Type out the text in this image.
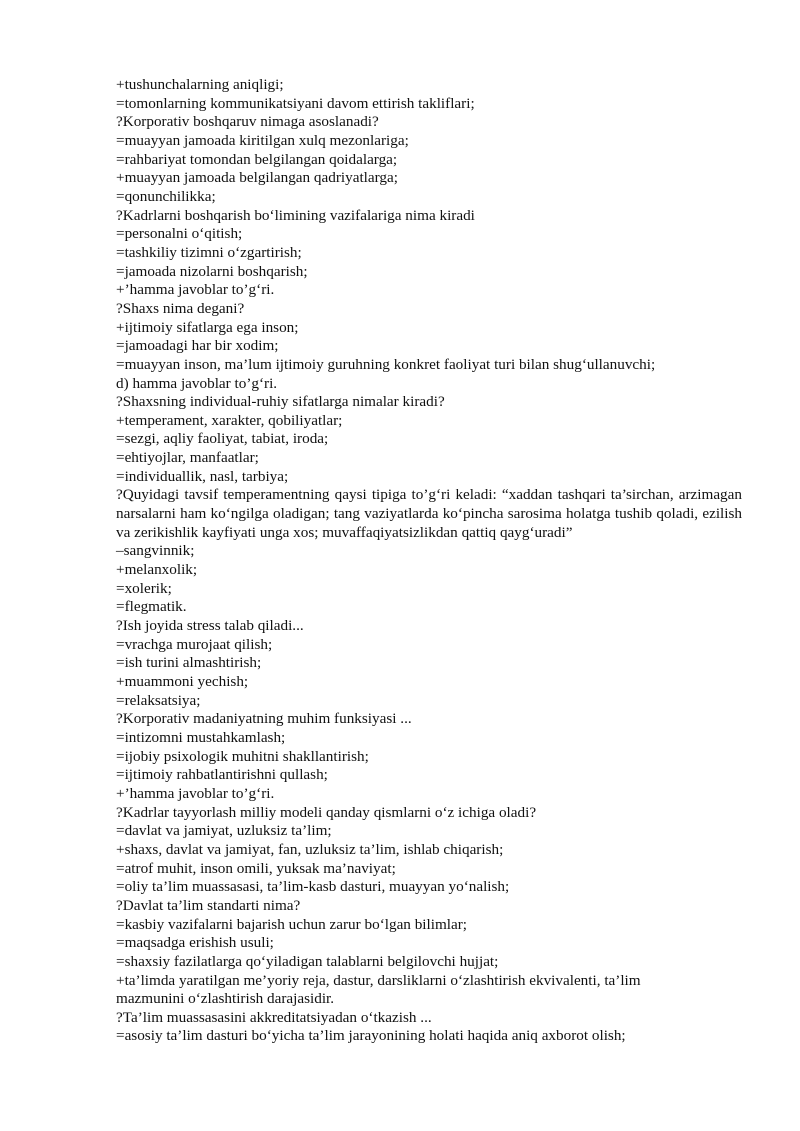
+tushunchalarning aniqligi;
=tomonlarning kommunikatsiyani davom ettirish takliflari;
?Korporativ boshqaruv nimaga asoslanadi?
=muayyan jamoada kiritilgan xulq mezonlariga;
=rahbariyat tomondan belgilangan qoidalarga;
+muayyan jamoada belgilangan qadriyatlarga;
=qonunchilikka;
?Kadrlarni boshqarish bo‘limining vazifalariga nima kiradi
=personalni o‘qitish;
=tashkiliy tizimni o‘zgartirish;
=jamoada nizolarni boshqarish;
+’hamma javoblar to’g‘ri.
?Shaxs nima degani?
+ijtimoiy sifatlarga ega inson;
=jamoadagi har bir xodim;
=muayyan inson, ma’lum ijtimoiy guruhning konkret faoliyat turi bilan shug‘ullanuvchi;
d) hamma javoblar to’g‘ri.
?Shaxsning individual-ruhiy sifatlarga nimalar kiradi?
+temperament, xarakter, qobiliyatlar;
=sezgi, aqliy faoliyat, tabiat, iroda;
=ehtiyojlar, manfaatlar;
=individuallik, nasl, tarbiya;

?Quyidagi tavsif temperamentning qaysi tipiga to’g‘ri keladi: “xaddan tashqari ta’sirchan, arzimagan narsalarni ham ko‘ngilga oladigan; tang vaziyatlarda ko‘pincha sarosima holatga tushib qoladi, ezilish va zerikishlik kayfiyati unga xos; muvaffaqiyatsizlikdan qattiq qayg‘uradi”

–sangvinnik;
+melanxolik;
=xolerik;
=flegmatik.
?Ish joyida stress talab qiladi...
=vrachga murojaat qilish;
=ish turini almashtirish;
+muammoni yechish;
=relaksatsiya;
?Korporativ madaniyatning muhim funksiyasi ...
=intizomni mustahkamlash;
=ijobiy psixologik muhitni shakllantirish;
=ijtimoiy rahbatlantirishni qullash;
+’hamma javoblar to’g‘ri.
?Kadrlar tayyorlash milliy modeli qanday qismlarni o‘z ichiga oladi?
=davlat va jamiyat, uzluksiz ta’lim;
+shaxs, davlat va jamiyat, fan, uzluksiz ta’lim, ishlab chiqarish;
=atrof muhit, inson omili, yuksak ma’naviyat;
=oliy ta’lim muassasasi, ta’lim-kasb dasturi, muayyan yo‘nalish;
?Davlat ta’lim standarti nima?
=kasbiy vazifalarni bajarish uchun zarur bo‘lgan bilimlar;
=maqsadga erishish usuli;
=shaxsiy fazilatlarga qo‘yiladigan talablarni belgilovchi hujjat;
+ta’limda yaratilgan me’yoriy reja, dastur, darsliklarni o‘zlashtirish ekvivalenti, ta’lim
mazmunini o‘zlashtirish darajasidir.
?Ta’lim muassasasini akkreditatsiyadan o‘tkazish ...
=asosiy ta’lim dasturi bo‘yicha ta’lim jarayonining holati haqida aniq axborot olish;
